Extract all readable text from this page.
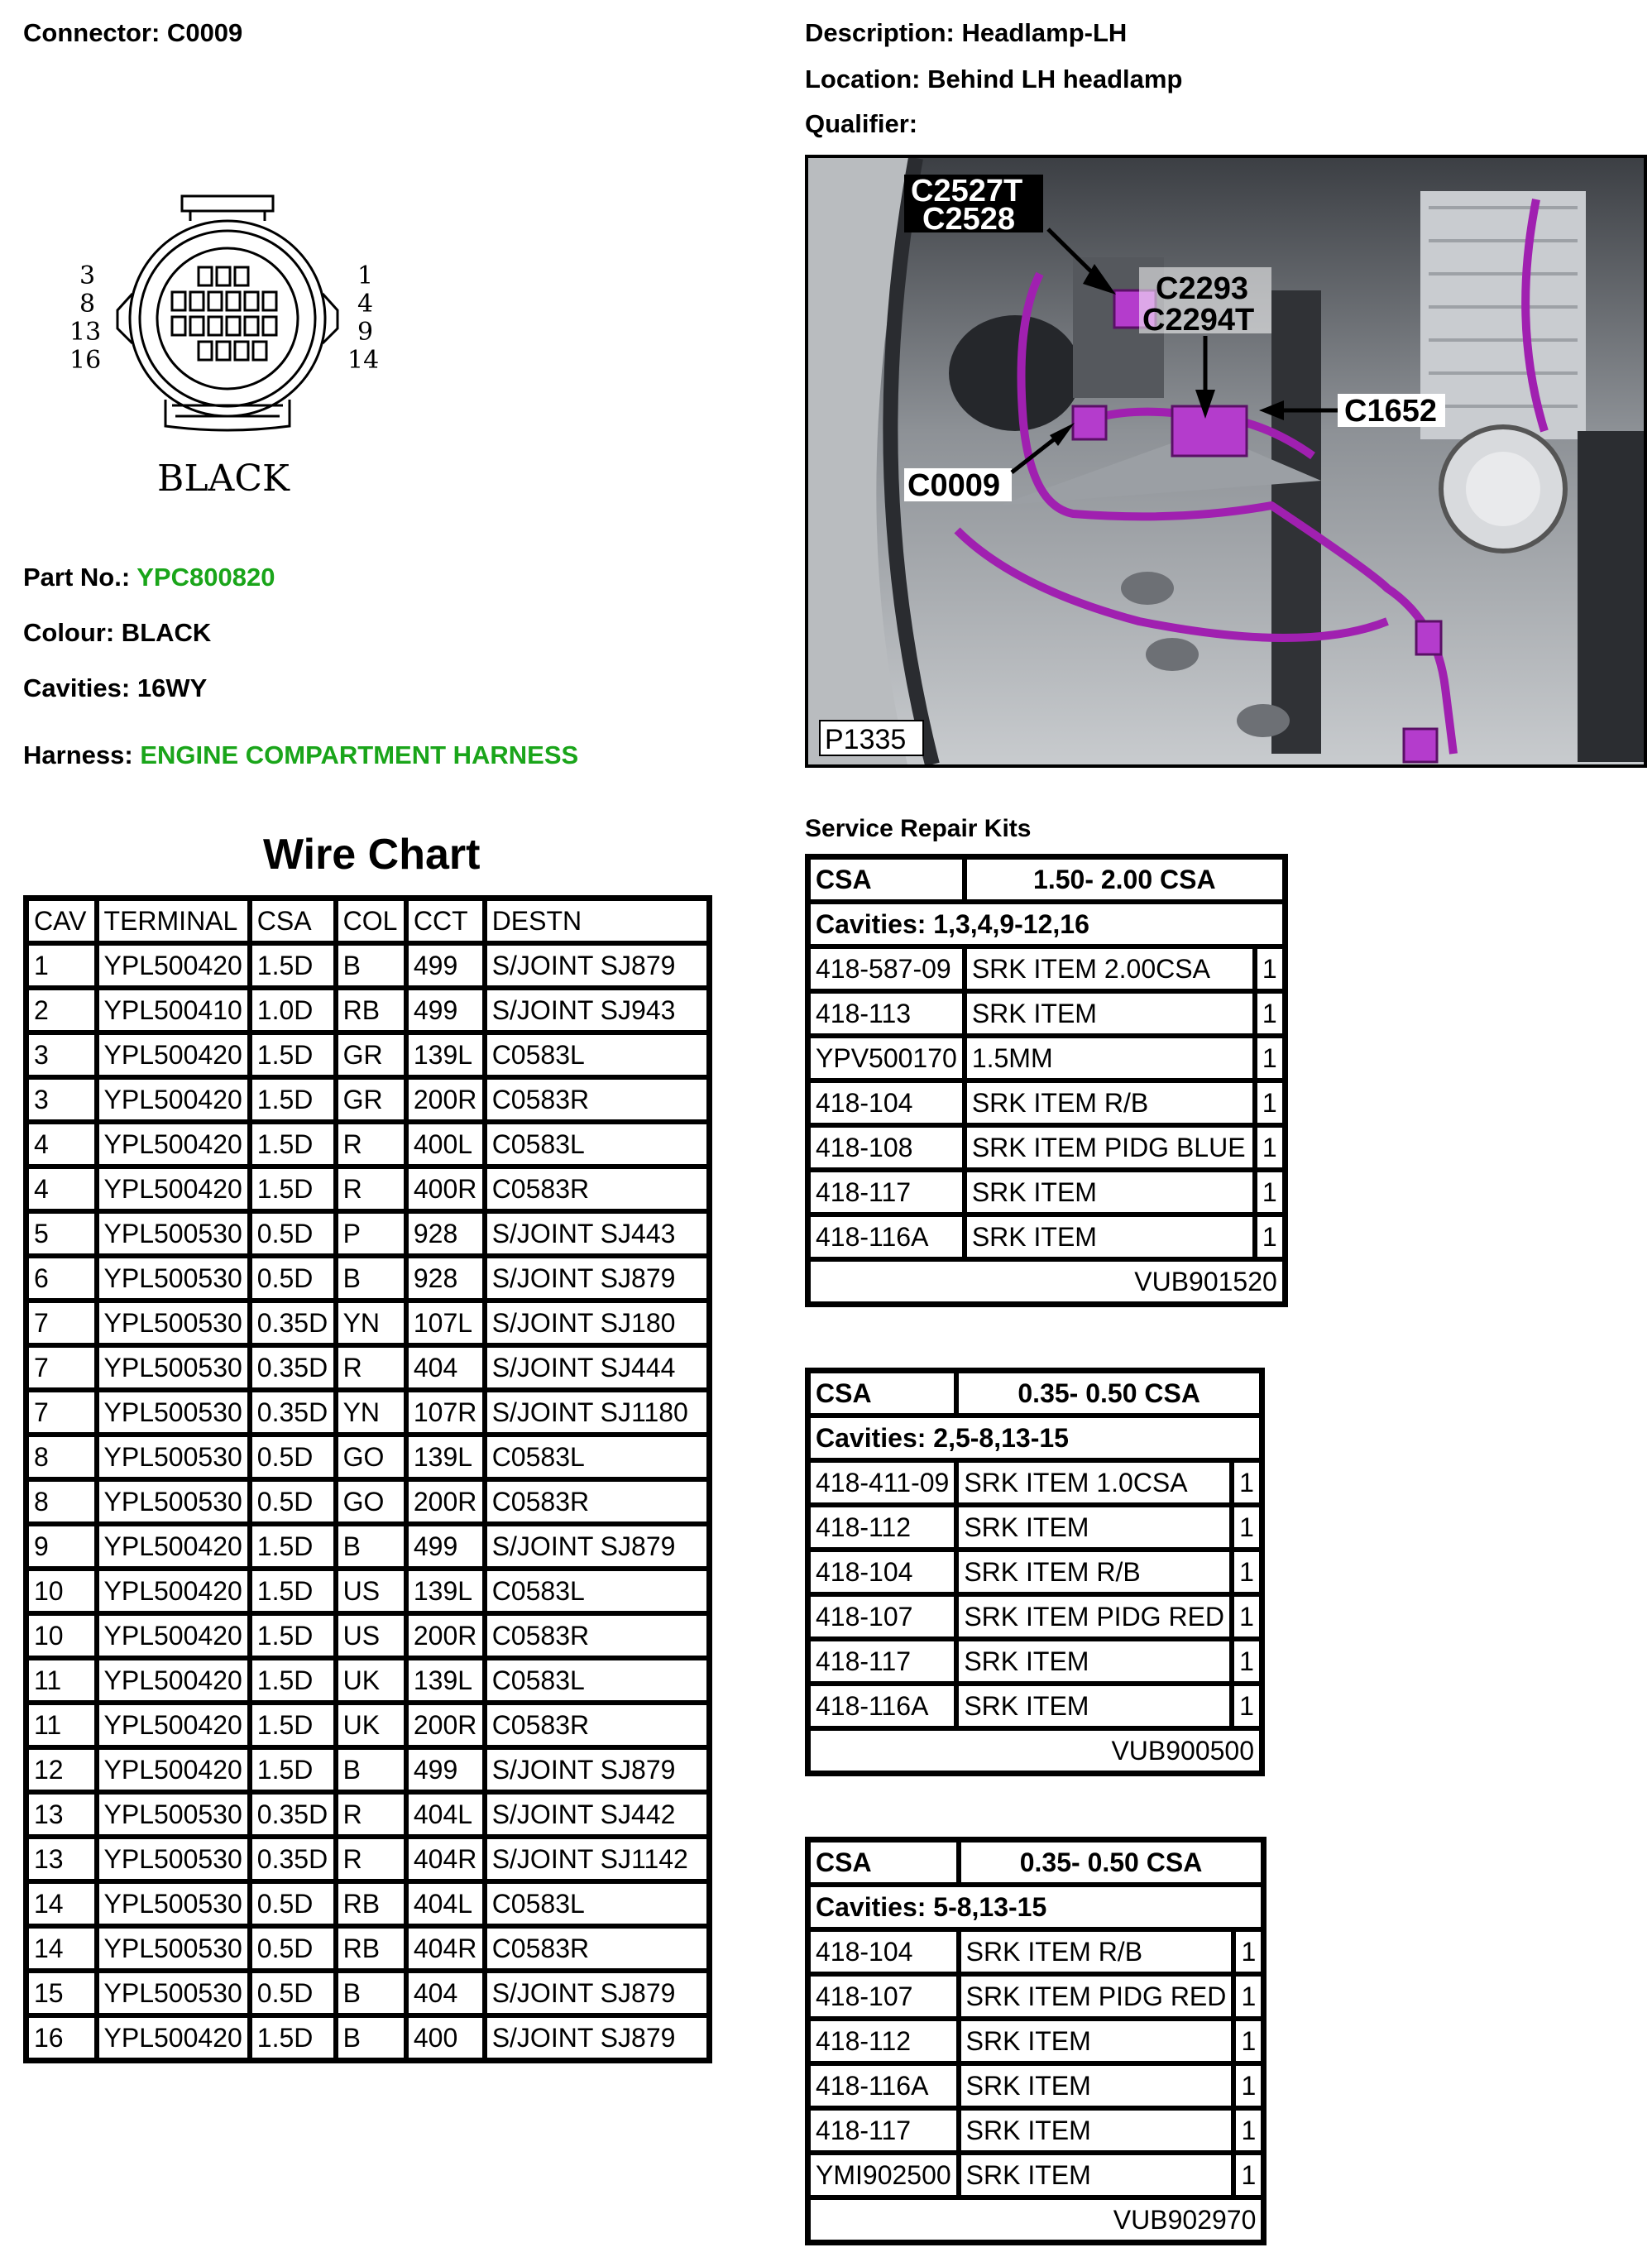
Connector: C0009	Description: Headlamp-LH
Location: Behind LH headlamp
Qualifier:
3
8
13
16
1
4
9
14
BLACK
Part No.: YPC800820
Colour: BLACK
Cavities: 16WY
Harness: ENGINE COMPARTMENT HARNESS
C2527T
C2528
C2293
C2294T
C1652
C0009
P1335
Wire Chart
CAV	TERMINAL	CSA	COL	CCT	DESTN
1	YPL500420	1.5D	B	499	S/JOINT SJ879
2	YPL500410	1.0D	RB	499	S/JOINT SJ943
3	YPL500420	1.5D	GR	139L	C0583L
3	YPL500420	1.5D	GR	200R	C0583R
4	YPL500420	1.5D	R	400L	C0583L
4	YPL500420	1.5D	R	400R	C0583R
5	YPL500530	0.5D	P	928	S/JOINT SJ443
6	YPL500530	0.5D	B	928	S/JOINT SJ879
7	YPL500530	0.35D	YN	107L	S/JOINT SJ180
7	YPL500530	0.35D	R	404	S/JOINT SJ444
7	YPL500530	0.35D	YN	107R	S/JOINT SJ1180
8	YPL500530	0.5D	GO	139L	C0583L
8	YPL500530	0.5D	GO	200R	C0583R
9	YPL500420	1.5D	B	499	S/JOINT SJ879
10	YPL500420	1.5D	US	139L	C0583L
10	YPL500420	1.5D	US	200R	C0583R
11	YPL500420	1.5D	UK	139L	C0583L
11	YPL500420	1.5D	UK	200R	C0583R
12	YPL500420	1.5D	B	499	S/JOINT SJ879
13	YPL500530	0.35D	R	404L	S/JOINT SJ442
13	YPL500530	0.35D	R	404R	S/JOINT SJ1142
14	YPL500530	0.5D	RB	404L	C0583L
14	YPL500530	0.5D	RB	404R	C0583R
15	YPL500530	0.5D	B	404	S/JOINT SJ879
16	YPL500420	1.5D	B	400	S/JOINT SJ879
Service Repair Kits
CSA	1.50- 2.00 CSA	
Cavities: 1,3,4,9-12,16		
418-587-09	SRK ITEM 2.00CSA	1
418-113	SRK ITEM	1
YPV500170	1.5MM	1
418-104	SRK ITEM R/B	1
418-108	SRK ITEM PIDG BLUE	1
418-117	SRK ITEM	1
418-116A	SRK ITEM	1
VUB901520		
CSA	0.35- 0.50 CSA	
Cavities: 2,5-8,13-15		
418-411-09	SRK ITEM 1.0CSA	1
418-112	SRK ITEM	1
418-104	SRK ITEM R/B	1
418-107	SRK ITEM PIDG RED	1
418-117	SRK ITEM	1
418-116A	SRK ITEM	1
VUB900500		
CSA	0.35- 0.50 CSA	
Cavities: 5-8,13-15		
418-104	SRK ITEM R/B	1
418-107	SRK ITEM PIDG RED	1
418-112	SRK ITEM	1
418-116A	SRK ITEM	1
418-117	SRK ITEM	1
YMI902500	SRK ITEM	1
VUB902970		
